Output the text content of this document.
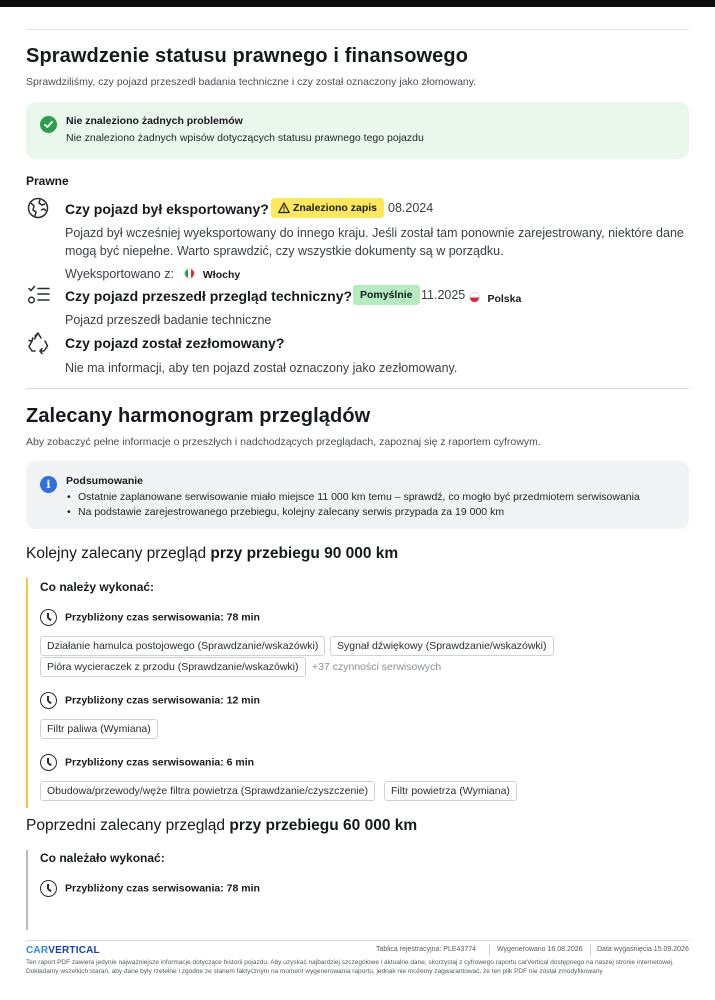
Sprawdzenie statusu prawnego i finansowego
Sprawdziliśmy, czy pojazd przeszedł badania techniczne i czy został oznaczony jako złomowany.
Nie znaleziono żadnych problemów
Nie znaleziono żadnych wpisów dotyczących statusu prawnego tego pojazdu
Prawne
Czy pojazd był eksportowany?	Znaleziono zapis 08.2024
Pojazd był wcześniej wyeksportowany do innego kraju. Jeśli został tam ponownie zarejestrowany, niektóre dane mogą być niepełne. Warto sprawdzić, czy wszystkie dokumenty są w porządku.
Wyeksportowano z:	Włochy
Czy pojazd przeszedł przegląd techniczny? Pomyślnie 11.2025	Polska
Pojazd przeszedł badanie techniczne
Czy pojazd został zezłomowany?
Nie ma informacji, aby ten pojazd został oznaczony jako zezłomowany.
Zalecany harmonogram przeglądów
Aby zobaczyć pełne informacje o przeszłych i nadchodzących przeglądach, zapoznaj się z raportem cyfrowym.
i	Podsumowanie
• Ostatnie zaplanowane serwisowanie miało miejsce 11 000 km temu – sprawdź, co mogło być przedmiotem serwisowania
• Na podstawie zarejestrowanego przebiegu, kolejny zalecany serwis przypada za 19 000 km
Kolejny zalecany przegląd przy przebiegu 90 000 km
Co należy wykonać:
Przybliżony czas serwisowania: 78 min
Działanie hamulca postojowego (Sprawdzanie/wskazówki)	Sygnał dźwiękowy (Sprawdzanie/wskazówki)
Pióra wycieraczek z przodu (Sprawdzanie/wskazówki)	+37 czynności serwisowych
Przybliżony czas serwisowania: 12 min
Filtr paliwa (Wymiana)
Przybliżony czas serwisowania: 6 min
Obudowa/przewody/węże filtra powietrza (Sprawdzanie/czyszczenie)	Filtr powietrza (Wymiana)
Poprzedni zalecany przegląd przy przebiegu 60 000 km
Co należało wykonać:
Przybliżony czas serwisowania: 78 min
CARVERTICAL	Tablica rejestracyjna: PLE43774	Wygenerowano 16.08.2026 Data wygaśnięcia 15.09.2026
Ten raport PDF zawiera jedynie najważniejsze informacje dotyczące historii pojazdu. Aby uzyskać najbardziej szczegółowe i aktualne dane, skorzystaj z cyfrowego raportu carVertical dostępnego na naszej stronie internetowej. Dokładamy wszelkich starań, aby dane były rzetelne i zgodne ze stanem faktycznym na moment wygenerowania raportu, jednak nie możemy zagwarantować, że ten plik PDF nie został zmodyfikowany
